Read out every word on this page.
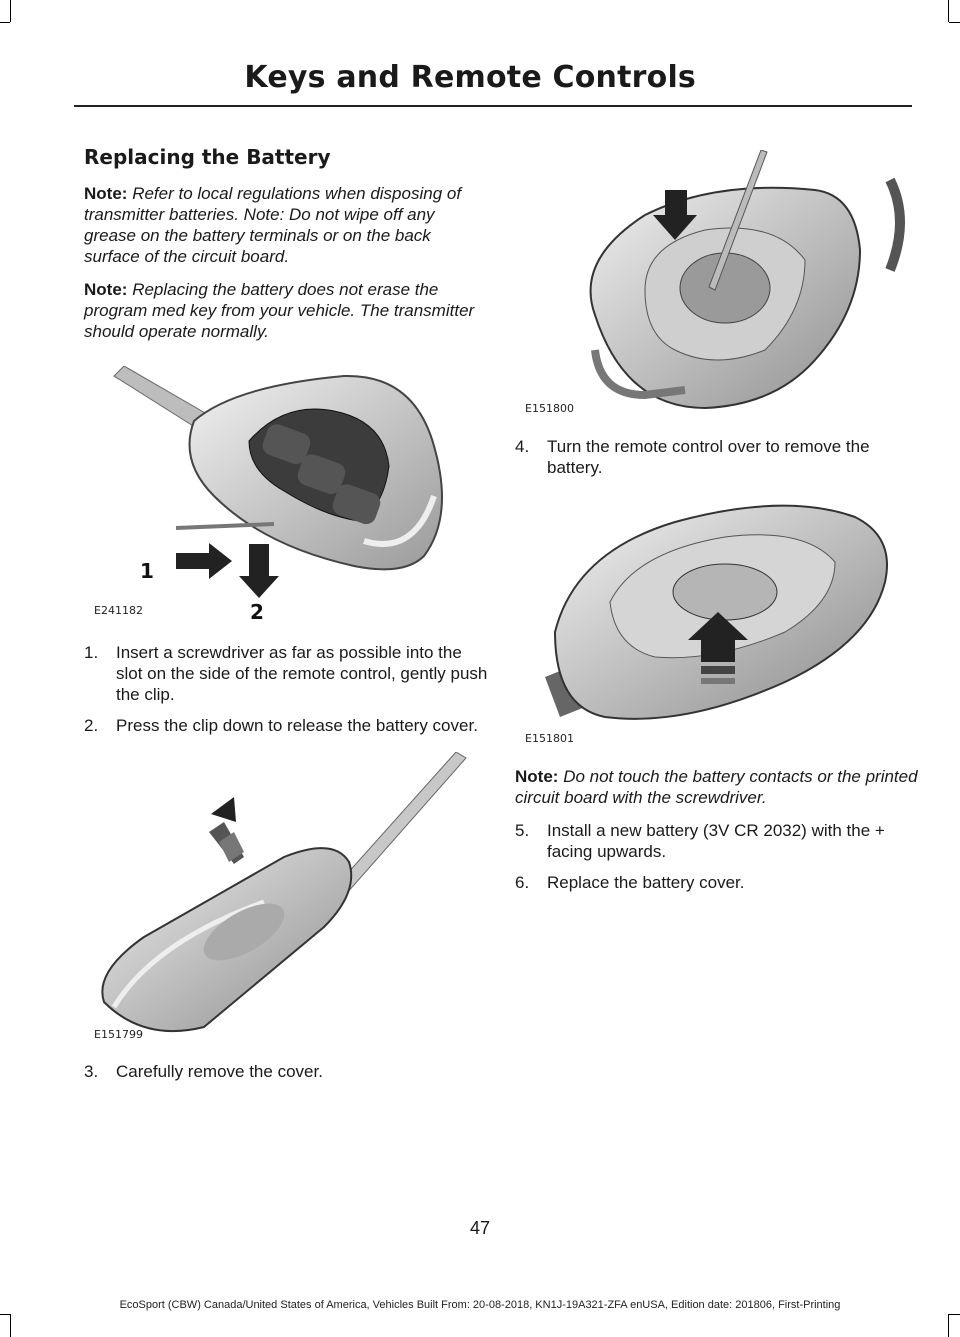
Keys and Remote Controls
Replacing the Battery

Note: Refer to local regulations when disposing of transmitter batteries. Note: Do not wipe off any grease on the battery terminals or on the back surface of the circuit board.

Note: Replacing the battery does not erase the program med key from your vehicle. The transmitter should operate normally.

1
2
E241182
1. Insert a screwdriver as far as possible into the slot on the side of the remote control, gently push the clip.
2. Press the clip down to release the battery cover.
E151799
3. Carefully remove the cover.
E151800
4. Turn the remote control over to remove the battery.
E151801

Note: Do not touch the battery contacts or the printed circuit board with the screwdriver.

5. Install a new battery (3V CR 2032) with the + facing upwards.
6. Replace the battery cover.
47
EcoSport (CBW) Canada/United States of America, Vehicles Built From: 20-08-2018, KN1J-19A321-ZFA enUSA, Edition date: 201806, First-Printing
